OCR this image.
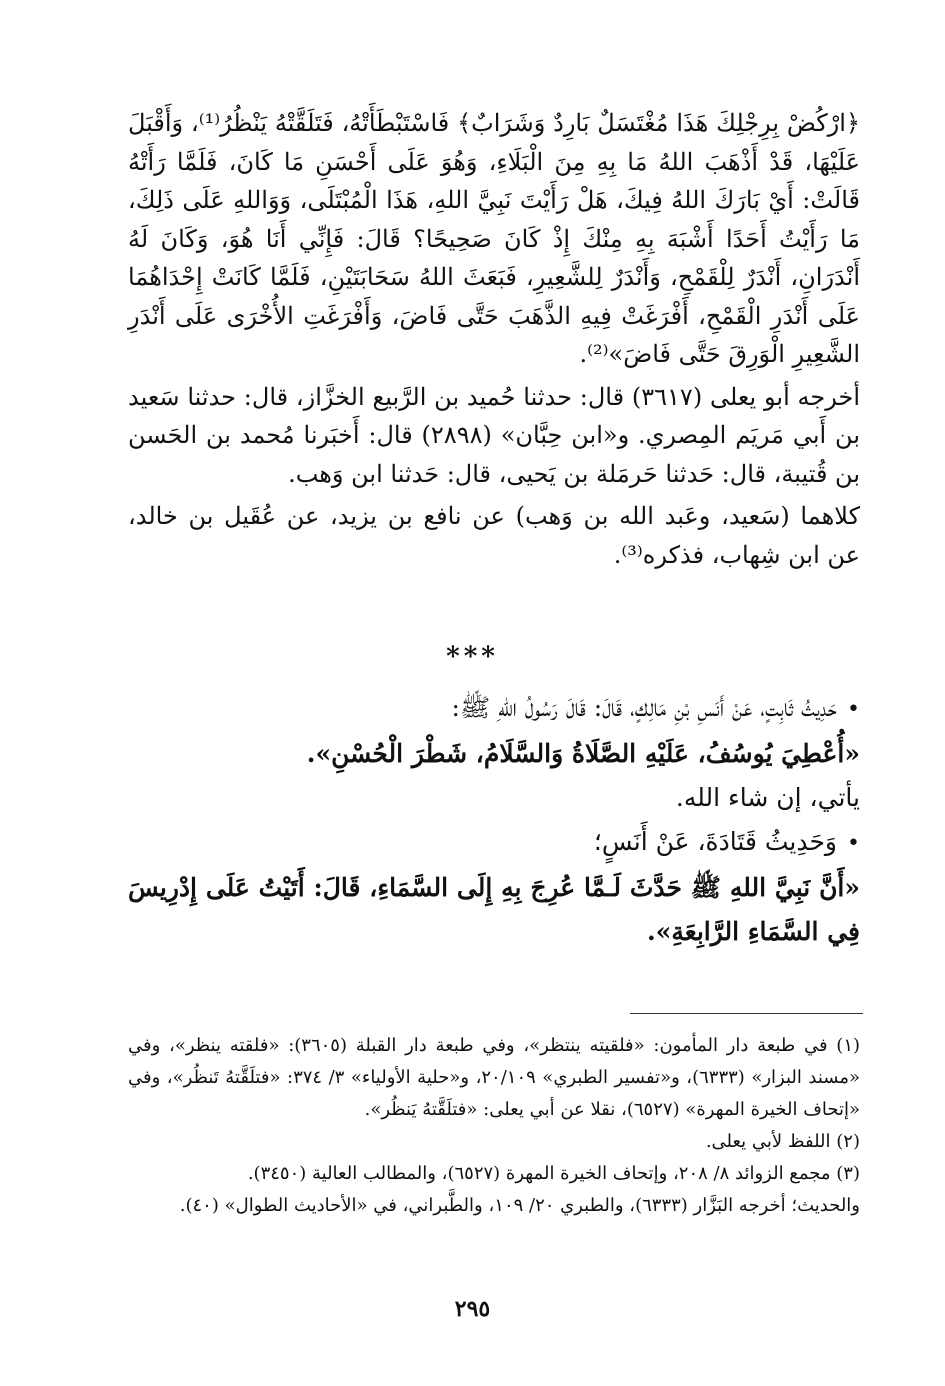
﴿ارْكُضْ بِرِجْلِكَ هَذَا مُغْتَسَلٌ بَارِدٌ وَشَرَابٌ﴾ فَاسْتَبْطَأَتْهُ، فَتَلَقَّتْهُ يَنْظُرُ⁽¹⁾، وَأَقْبَلَ عَلَيْهَا، قَدْ أَذْهَبَ اللهُ مَا بِهِ مِنَ الْبَلَاءِ، وَهُوَ عَلَى أَحْسَنِ مَا كَانَ، فَلَمَّا رَأَتْهُ قَالَتْ: أَيْ بَارَكَ اللهُ فِيكَ، هَلْ رَأَيْتَ نَبِيَّ اللهِ، هَذَا الْمُبْتَلَى، وَوَاللهِ عَلَى ذَلِكَ، مَا رَأَيْتُ أَحَدًا أَشْبَهَ بِهِ مِنْكَ إِذْ كَانَ صَحِيحًا؟ قَالَ: فَإِنِّي أَنَا هُوَ، وَكَانَ لَهُ أَنْدَرَانِ، أَنْدَرٌ لِلْقَمْحِ، وَأَنْدَرٌ لِلشَّعِيرِ، فَبَعَثَ اللهُ سَحَابَتَيْنِ، فَلَمَّا كَانَتْ إِحْدَاهُمَا عَلَى أَنْدَرِ الْقَمْحِ، أَفْرَغَتْ فِيهِ الذَّهَبَ حَتَّى فَاضَ، وَأَفْرَغَتِ الأُخْرَى عَلَى أَنْدَرِ الشَّعِيرِ الْوَرِقَ حَتَّى فَاضَ»⁽²⁾.

أخرجه أبو يعلى (٣٦١٧) قال: حدثنا حُميد بن الرَّبيع الخزَّاز، قال: حدثنا سَعيد بن أَبي مَريَم المِصري. و«ابن حِبَّان» (٢٨٩٨) قال: أَخبَرنا مُحمد بن الحَسن بن قُتيبة، قال: حَدثنا حَرمَلة بن يَحيى، قال: حَدثنا ابن وَهب.

كلاهما (سَعيد، وعَبد الله بن وَهب) عن نافع بن يزيد، عن عُقَيل بن خالد، عن ابن شِهاب، فذكره⁽³⁾.

***
• حَدِيثُ ثَابِتٍ، عَنْ أَنَسِ بْنِ مَالِكٍ، قَالَ: قَالَ رَسُولُ اللهِ ﷺ:
«أُعْطِيَ يُوسُفُ، عَلَيْهِ الصَّلَاةُ وَالسَّلَامُ، شَطْرَ الْحُسْنِ».
يأتي، إن شاء الله.
• وَحَدِيثُ قَتَادَةَ، عَنْ أَنَسٍ؛
«أَنَّ نَبِيَّ اللهِ ﷺ حَدَّثَ لَـمَّا عُرِجَ بِهِ إِلَى السَّمَاءِ، قَالَ: أَتَيْتُ عَلَى إِدْرِيسَ فِي السَّمَاءِ الرَّابِعَةِ».
(١) في طبعة دار المأمون: «فلقيته ينتظر»، وفي طبعة دار القبلة (٣٦٠٥): «فلقته ينظر»، وفي «مسند البزار» (٦٣٣٣)، و«تفسير الطبري» ٢٠/١٠٩، و«حلية الأولياء» ٣/ ٣٧٤: «فتلَقَّتهُ تَنظُر»، وفي «إتحاف الخيرة المهرة» (٦٥٢٧)، نقلا عن أبي يعلى: «فتلَقَّتهُ يَنظُر».
(٢) اللفظ لأبي يعلى.
(٣) مجمع الزوائد ٨/ ٢٠٨، وإتحاف الخيرة المهرة (٦٥٢٧)، والمطالب العالية (٣٤٥٠).
والحديث؛ أخرجه البَزَّار (٦٣٣٣)، والطبري ٢٠/ ١٠٩، والطَّبراني، في «الأحاديث الطوال» (٤٠).
٢٩٥
